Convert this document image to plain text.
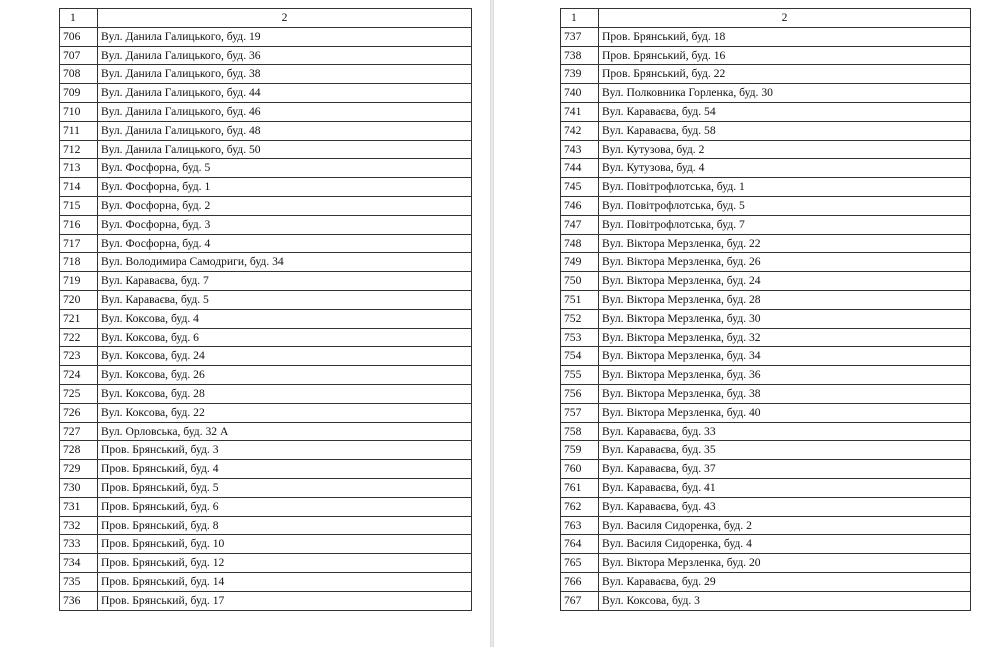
1	2
706	Вул. Данила Галицького, буд. 19
707	Вул. Данила Галицького, буд. 36
708	Вул. Данила Галицького, буд. 38
709	Вул. Данила Галицького, буд. 44
710	Вул. Данила Галицького, буд. 46
711	Вул. Данила Галицького, буд. 48
712	Вул. Данила Галицького, буд. 50
713	Вул. Фосфорна, буд. 5
714	Вул. Фосфорна, буд. 1
715	Вул. Фосфорна, буд. 2
716	Вул. Фосфорна, буд. 3
717	Вул. Фосфорна, буд. 4
718	Вул. Володимира Самодриги, буд. 34
719	Вул. Караваєва, буд. 7
720	Вул. Караваєва, буд. 5
721	Вул. Коксова, буд. 4
722	Вул. Коксова, буд. 6
723	Вул. Коксова, буд. 24
724	Вул. Коксова, буд. 26
725	Вул. Коксова, буд. 28
726	Вул. Коксова, буд. 22
727	Вул. Орловська, буд. 32 А
728	Пров. Брянський, буд. 3
729	Пров. Брянський, буд. 4
730	Пров. Брянський, буд. 5
731	Пров. Брянський, буд. 6
732	Пров. Брянський, буд. 8
733	Пров. Брянський, буд. 10
734	Пров. Брянський, буд. 12
735	Пров. Брянський, буд. 14
736	Пров. Брянський, буд. 17
1	2
737	Пров. Брянський, буд. 18
738	Пров. Брянський, буд. 16
739	Пров. Брянський, буд. 22
740	Вул. Полковника Горленка, буд. 30
741	Вул. Караваєва, буд. 54
742	Вул. Караваєва, буд. 58
743	Вул. Кутузова, буд. 2
744	Вул. Кутузова, буд. 4
745	Вул. Повітрофлотська, буд. 1
746	Вул. Повітрофлотська, буд. 5
747	Вул. Повітрофлотська, буд. 7
748	Вул. Віктора Мерзленка, буд. 22
749	Вул. Віктора Мерзленка, буд. 26
750	Вул. Віктора Мерзленка, буд. 24
751	Вул. Віктора Мерзленка, буд. 28
752	Вул. Віктора Мерзленка, буд. 30
753	Вул. Віктора Мерзленка, буд. 32
754	Вул. Віктора Мерзленка, буд. 34
755	Вул. Віктора Мерзленка, буд. 36
756	Вул. Віктора Мерзленка, буд. 38
757	Вул. Віктора Мерзленка, буд. 40
758	Вул. Караваєва, буд. 33
759	Вул. Караваєва, буд. 35
760	Вул. Караваєва, буд. 37
761	Вул. Караваєва, буд. 41
762	Вул. Караваєва, буд. 43
763	Вул. Василя Сидоренка, буд. 2
764	Вул. Василя Сидоренка, буд. 4
765	Вул. Віктора Мерзленка, буд. 20
766	Вул. Караваєва, буд. 29
767	Вул. Коксова, буд. 3
